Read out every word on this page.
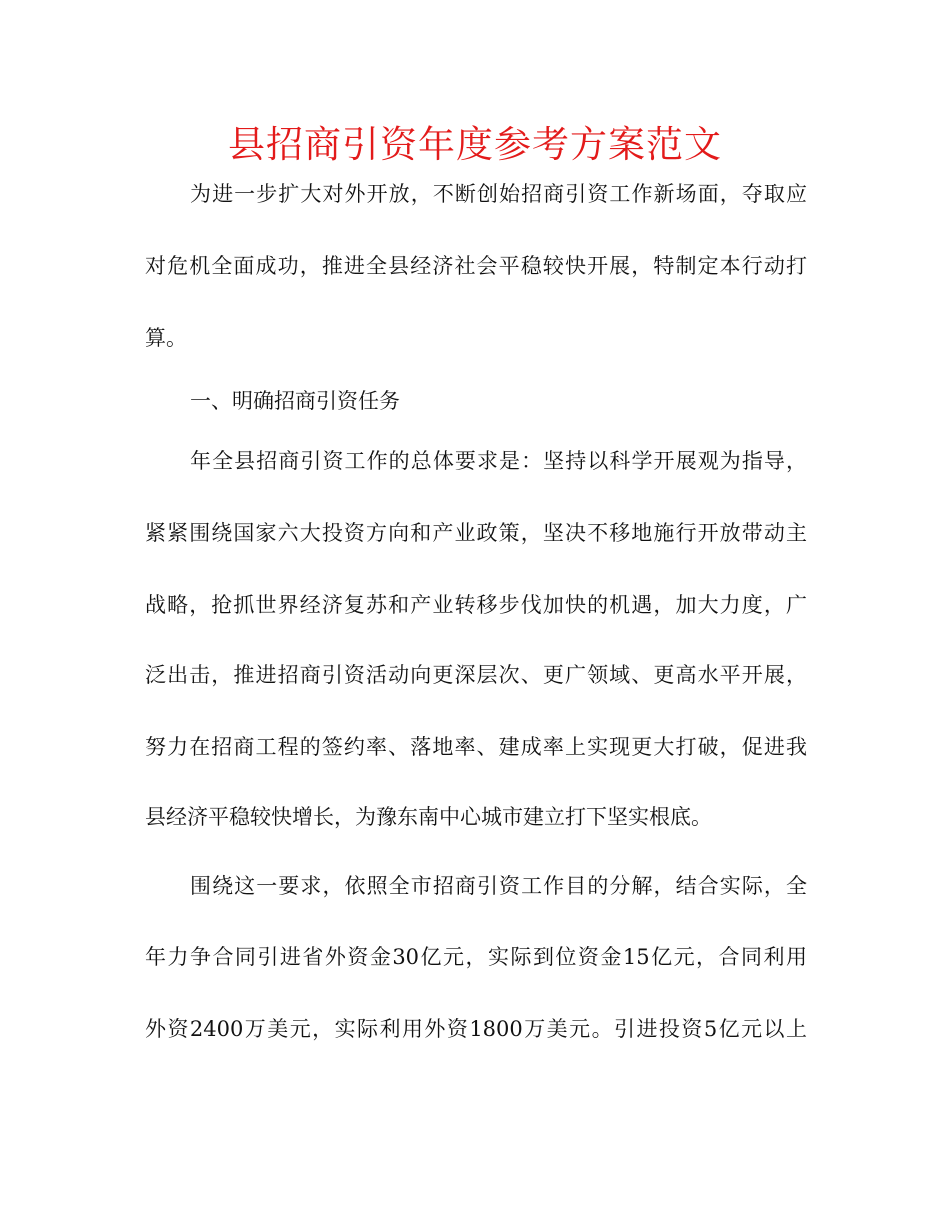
县招商引资年度参考方案范文
为进一步扩大对外开放，不断创始招商引资工作新场面，夺取应
对危机全面成功，推进全县经济社会平稳较快开展，特制定本行动打
算。
一、明确招商引资任务
年全县招商引资工作的总体要求是：坚持以科学开展观为指导，
紧紧围绕国家六大投资方向和产业政策，坚决不移地施行开放带动主
战略，抢抓世界经济复苏和产业转移步伐加快的机遇，加大力度，广
泛出击，推进招商引资活动向更深层次、更广领域、更高水平开展，
努力在招商工程的签约率、落地率、建成率上实现更大打破，促进我
县经济平稳较快增长，为豫东南中心城市建立打下坚实根底。
围绕这一要求，依照全市招商引资工作目的分解，结合实际，全
年力争合同引进省外资金30亿元，实际到位资金15亿元，合同利用
外资2400万美元，实际利用外资1800万美元。引进投资5亿元以上
